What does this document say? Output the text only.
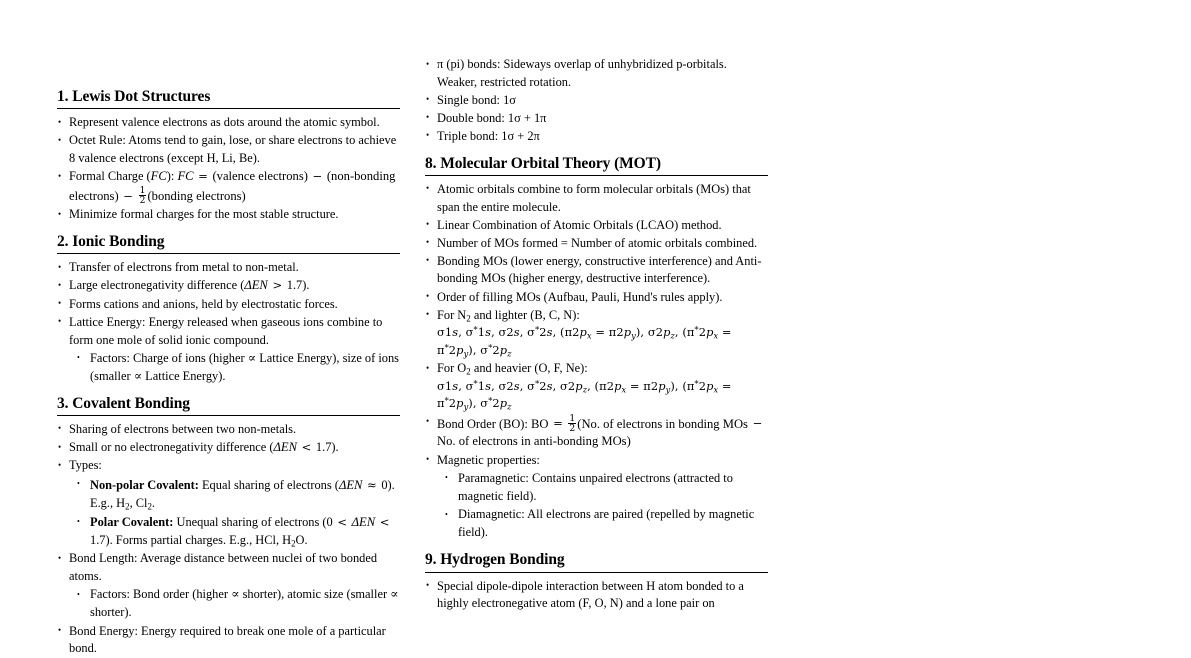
1. Lewis Dot Structures
• Represent valence electrons as dots around the atomic symbol.
• Octet Rule: Atoms tend to gain, lose, or share electrons to achieve 8 valence electrons (except H, Li, Be).
• Formal Charge (FC): FC = (valence electrons) − (non-bonding electrons) − $\frac{1}{2}$ (bonding electrons)
• Minimize formal charges for the most stable structure.
2. Ionic Bonding
• Transfer of electrons from metal to non-metal.
• Large electronegativity difference (ΔEN > 1.7).
• Forms cations and anions, held by electrostatic forces.
• Lattice Energy: Energy released when gaseous ions combine to form one mole of solid ionic compound.
• Factors: Charge of ions (higher ∝ Lattice Energy), size of ions (smaller ∝ Lattice Energy).
3. Covalent Bonding
• Sharing of electrons between two non-metals.
• Small or no electronegativity difference (ΔEN < 1.7).
• Types:
• Non-polar Covalent: Equal sharing of electrons (ΔEN ≈ 0). E.g., $H_2$, $Cl_2$.
• Polar Covalent: Unequal sharing of electrons (0 < ΔEN < 1.7). Forms partial charges. E.g., HCl, $H_2O$.
• Bond Length: Average distance between nuclei of two bonded atoms.
• Factors: Bond order (higher ∝ shorter), atomic size (smaller ∝ shorter).
• Bond Energy: Energy required to break one mole of a particular bond.
• π (pi) bonds: Sideways overlap of unhybridized p-orbitals. Weaker, restricted rotation.
• Single bond: 1σ
• Double bond: 1σ + 1π
• Triple bond: 1σ + 2π
8. Molecular Orbital Theory (MOT)
• Atomic orbitals combine to form molecular orbitals (MOs) that span the entire molecule.
• Linear Combination of Atomic Orbitals (LCAO) method.
• Number of MOs formed = Number of atomic orbitals combined.
• Bonding MOs (lower energy, constructive interference) and Anti-bonding MOs (higher energy, destructive interference).
• Order of filling MOs (Aufbau, Pauli, Hund's rules apply).
• For $N_2$ and lighter (B, C, N):
σ1s, σ*1s, σ2s, σ*2s, $(\pi 2p_x = \pi 2p_y)$, $\sigma 2p_z$, $(\pi^*2p_x = \pi^*2p_y)$, $\sigma^*2p_z$
• For $O_2$ and heavier (O, F, Ne):
σ1s, σ*1s, σ2s, σ*2s, $\sigma 2p_z$, $(\pi 2p_x = \pi 2p_y)$, $(\pi^*2p_x = \pi^*2p_y)$, $\sigma^*2p_z$
• Bond Order (BO): BO = $\frac{1}{2} (No$. of electrons in bonding MOs − No. of electrons in anti-bonding MOs)
• Magnetic properties:
• Paramagnetic: Contains unpaired electrons (attracted to magnetic field).
• Diamagnetic: All electrons are paired (repelled by magnetic field).
9. Hydrogen Bonding
• Special dipole-dipole interaction between H atom bonded to a highly electronegative atom (F, O, N) and a lone pair on
